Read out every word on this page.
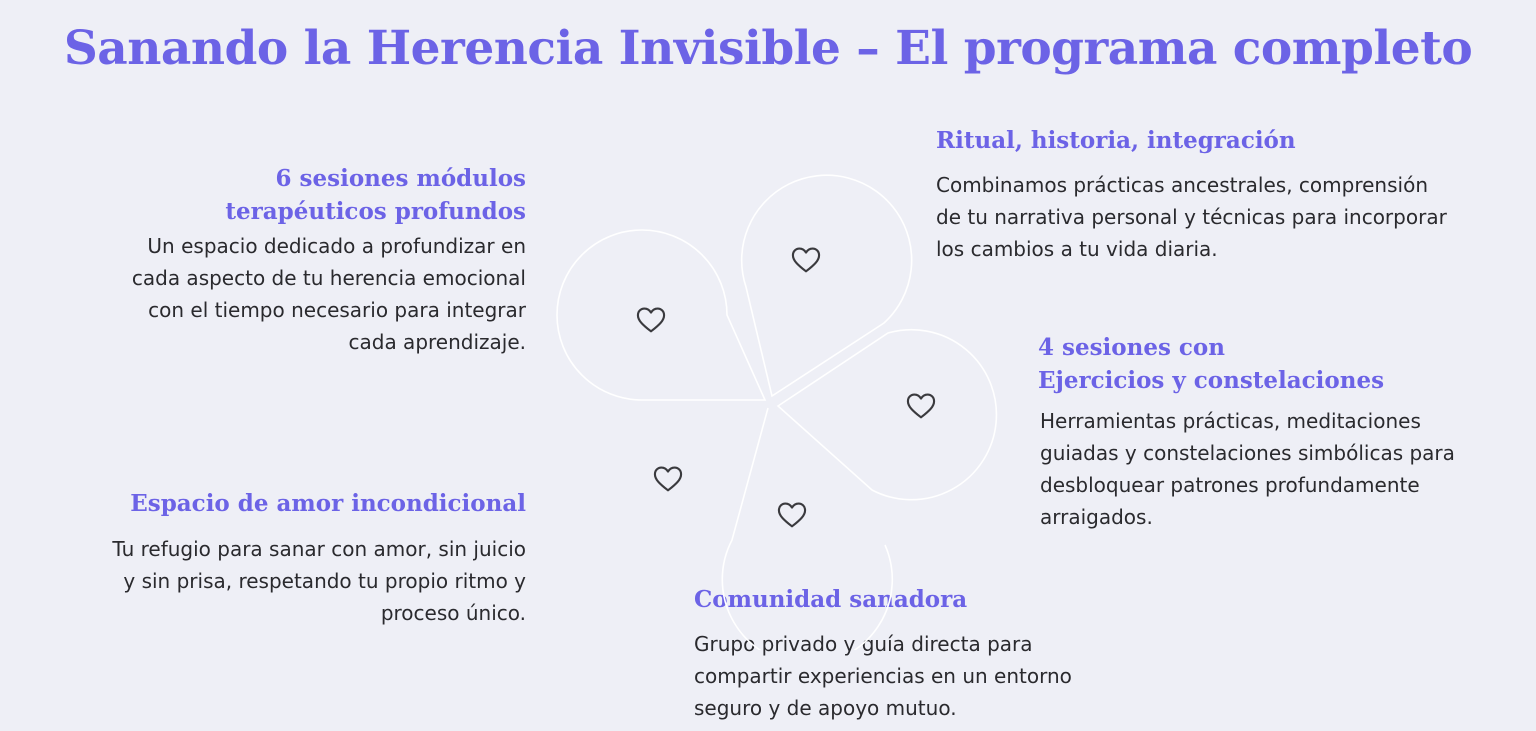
Sanando la Herencia Invisible – El programa completo
6 sesiones módulos
terapéuticos profundos
Un espacio dedicado a profundizar en
cada aspecto de tu herencia emocional
con el tiempo necesario para integrar
cada aprendizaje.
Ritual, historia, integración
Combinamos prácticas ancestrales, comprensión
de tu narrativa personal y técnicas para incorporar
los cambios a tu vida diaria.
4 sesiones con
Ejercicios y constelaciones
Herramientas prácticas, meditaciones
guiadas y constelaciones simbólicas para
desbloquear patrones profundamente
arraigados.
Espacio de amor incondicional
Tu refugio para sanar con amor, sin juicio
y sin prisa, respetando tu propio ritmo y
proceso único.	Comunidad sanadora
Grupo privado y guía directa para
compartir experiencias en un entorno
seguro y de apoyo mutuo.
